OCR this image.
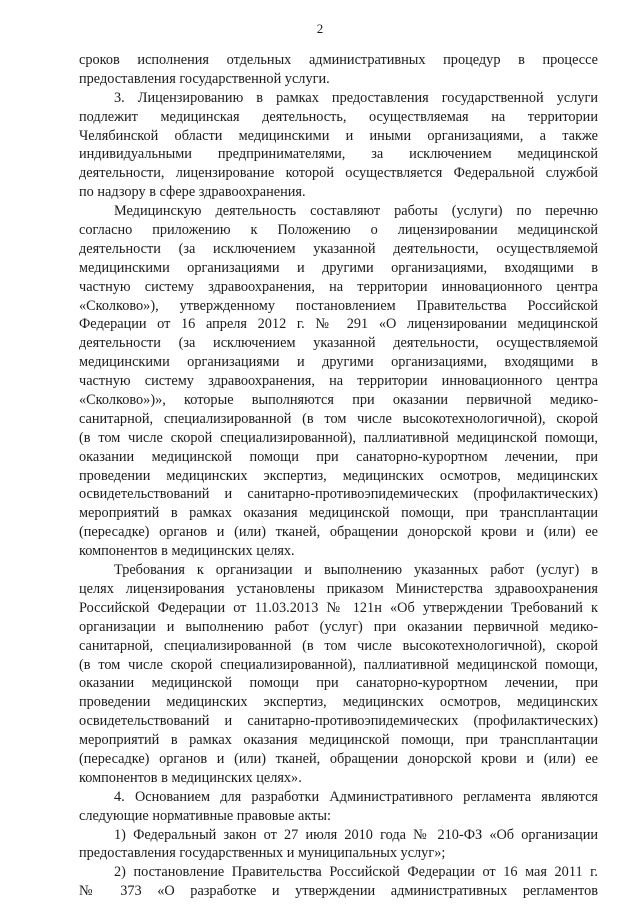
2
сроков исполнения отдельных административных процедур в процессе
предоставления государственной услуги.
3. Лицензированию в рамках предоставления государственной услуги
подлежит медицинская деятельность, осуществляемая на территории
Челябинской области медицинскими и иными организациями, а также
индивидуальными предпринимателями, за исключением медицинской
деятельности, лицензирование которой осуществляется Федеральной службой
по надзору в сфере здравоохранения.
Медицинскую деятельность составляют работы (услуги) по перечню
согласно приложению к Положению о лицензировании медицинской
деятельности (за исключением указанной деятельности, осуществляемой
медицинскими организациями и другими организациями, входящими в
частную систему здравоохранения, на территории инновационного центра
«Сколково»), утвержденному постановлением Правительства Российской
Федерации от 16 апреля 2012 г. № 291 «О лицензировании медицинской
деятельности (за исключением указанной деятельности, осуществляемой
медицинскими организациями и другими организациями, входящими в
частную систему здравоохранения, на территории инновационного центра
«Сколково»)», которые выполняются при оказании первичной медико-
санитарной, специализированной (в том числе высокотехнологичной), скорой
(в том числе скорой специализированной), паллиативной медицинской помощи,
оказании медицинской помощи при санаторно-курортном лечении, при
проведении медицинских экспертиз, медицинских осмотров, медицинских
освидетельствований и санитарно-противоэпидемических (профилактических)
мероприятий в рамках оказания медицинской помощи, при трансплантации
(пересадке) органов и (или) тканей, обращении донорской крови и (или) ее
компонентов в медицинских целях.
Требования к организации и выполнению указанных работ (услуг) в
целях лицензирования установлены приказом Министерства здравоохранения
Российской Федерации от 11.03.2013 № 121н «Об утверждении Требований к
организации и выполнению работ (услуг) при оказании первичной медико-
санитарной, специализированной (в том числе высокотехнологичной), скорой
(в том числе скорой специализированной), паллиативной медицинской помощи,
оказании медицинской помощи при санаторно-курортном лечении, при
проведении медицинских экспертиз, медицинских осмотров, медицинских
освидетельствований и санитарно-противоэпидемических (профилактических)
мероприятий в рамках оказания медицинской помощи, при трансплантации
(пересадке) органов и (или) тканей, обращении донорской крови и (или) ее
компонентов в медицинских целях».
4. Основанием для разработки Административного регламента являются
следующие нормативные правовые акты:
1) Федеральный закон от 27 июля 2010 года № 210-ФЗ «Об организации
предоставления государственных и муниципальных услуг»;
2) постановление Правительства Российской Федерации от 16 мая 2011 г.
№ 373 «О разработке и утверждении административных регламентов
